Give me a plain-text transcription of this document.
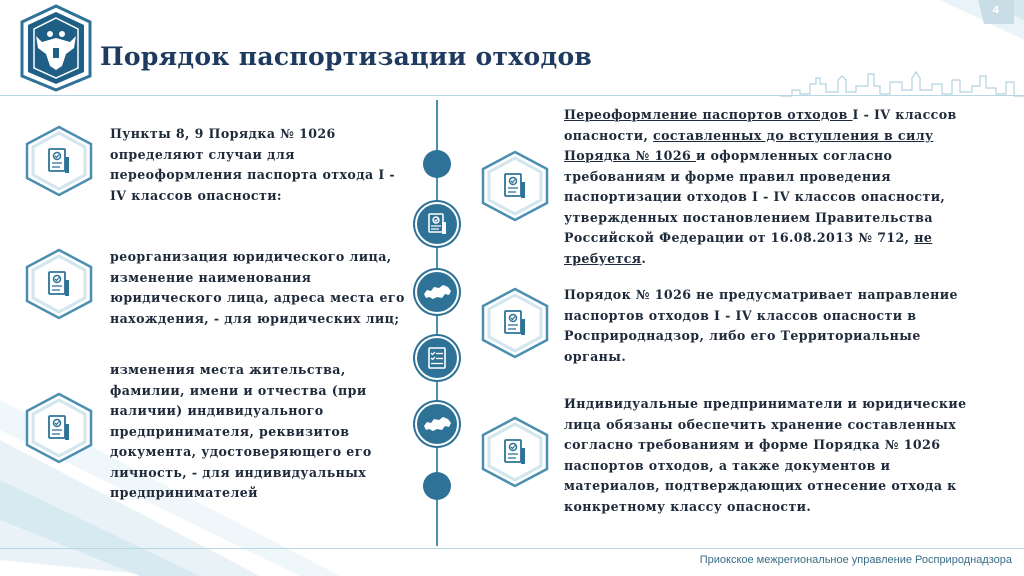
4
Порядок паспортизации отходов
Пункты 8, 9 Порядка № 1026
определяют случаи для
переоформления паспорта отхода I -
IV классов опасности:
реорганизация юридического лица,
изменение наименования
юридического лица, адреса места его
нахождения, - для юридических лиц;
изменения места жительства,
фамилии, имени и отчества (при
наличии) индивидуального
предпринимателя, реквизитов
документа, удостоверяющего его
личность, - для индивидуальных
предпринимателей
Переоформление паспортов отходов I - IV классов
опасности, составленных до вступления в силу
Порядка № 1026 и оформленных согласно
требованиям и форме правил проведения
паспортизации отходов I - IV классов опасности,
утвержденных постановлением Правительства
Российской Федерации от 16.08.2013 № 712, не
требуется.
Порядок № 1026 не предусматривает направление
паспортов отходов I - IV классов опасности в
Росприроднадзор, либо его Территориальные
органы.
Индивидуальные предприниматели и юридические
лица обязаны обеспечить хранение составленных
согласно требованиям и форме Порядка № 1026
паспортов отходов, а также документов и
материалов, подтверждающих отнесение отхода к
конкретному классу опасности.
Приокское межрегиональное управление Росприроднадзора
